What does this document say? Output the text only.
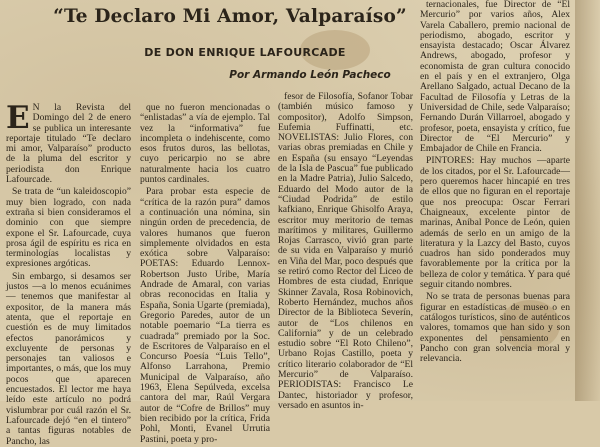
“Te Declaro Mi Amor, Valparaíso”
DE DON ENRIQUE LAFOURCADE
Por Armando León Pacheco

E N la Revista del Domingo del 2 de enero se publica un interesante reportaje titulado “Te declaro mi amor, Valparaíso” producto de la pluma del escritor y periodista don Enrique Lafourcade.

Se trata de “un kaleidoscopio” muy bien logrado, con nada extraña si bien consideramos el dominio con que siempre expone el Sr. Lafourcade, cuya prosa ágil de espíritu es rica en terminologías localistas y expresiones argóticas.

Sin embargo, si desamos ser justos —a lo menos ecuánimes— tenemos que manifestar al expositor, de la manera más atenta, que el reportaje en cuestión es de muy limitados efectos panorámicos y excluyente de personas y personajes tan valiosos e importantes, o más, que los muy pocos que aparecen encuestados. El lector me haya leído este artículo no podrá vislumbrar por cuál razón el Sr. Lafourcade dejó “en el tintero” a tantas figuras notables de Pancho, las

que no fueron mencionadas o “enlistadas” a vía de ejemplo. Tal vez la “informativa” fue incompleta o indehiscente, como esos frutos duros, las bellotas, cuyo pericarpio no se abre naturalmente hacia los cuatro puntos cardinales.

Para probar esta especie de “crítica de la razón pura” damos a continuación una nómina, sin ningún orden de precedencia, de valores humanos que fueron simplemente olvidados en esta exótica sobre Valparaíso: POETAS: Eduardo Lennox-Robertson Justo Uribe, María Andrade de Amaral, con varias obras reconocidas en Italia y España, Sonia Ugarte (premiada), Gregorio Paredes, autor de un notable poemario “La tierra es cuadrada” premiado por la Soc. de Escritores de Valparaíso en el Concurso Poesía “Luis Tello”, Alfonso Larrahona, Premio Municipal de Valparaíso, año 1963, Elena Sepúlveda, excelsa cantora del mar, Raúl Vergara autor de “Cofre de Brillos” muy bien recibido por la crítica, Frida Pohl, Monti, Evanel Urrutia Pastini, poeta y pro-

fesor de Filosofía, Sofanor Tobar (también músico famoso y compositor), Adolfo Simpson, Eufemia Fuffinatti, etc. NOVELISTAS: Julio Flores, con varias obras premiadas en Chile y en España (su ensayo “Leyendas de la Isla de Pascua” fue publicado en la Madre Patria), Julio Salcedo, Eduardo del Modo autor de la “Ciudad Podrida” de estilo kafkiano, Enrique Ghisolfo Araya, escritor muy meritorio de temas marítimos y militares, Guillermo Rojas Carrasco, vivió gran parte de su vida en Valparaíso y murió en Viña del Mar, poco después que se retiró como Rector del Liceo de Hombres de esta ciudad, Enrique Skinner Zavala, Rosa Robinovich, Roberto Hernández, muchos años Director de la Biblioteca Severín, autor de “Los chilenos en California” y de un celebrado estudio sobre “El Roto Chileno”, Urbano Rojas Castillo, poeta y crítico literario colaborador de “El Mercurio” de Valparaíso. PERIODISTAS: Francisco Le Dantec, historiador y profesor, versado en asuntos in-

ternacionales, fue Director de “El Mercurio” por varios años, Alex Varela Caballero, premio nacional de periodismo, abogado, escritor y ensayista destacado; Oscar Álvarez Andrews, abogado, profesor y economista de gran cultura conocido en el país y en el extranjero, Olga Arellano Salgado, actual Decano de la Facultad de Filosofía y Letras de la Universidad de Chile, sede Valparaíso; Fernando Durán Villarroel, abogado y profesor, poeta, ensayista y crítico, fue Director de “El Mercurio” y Embajador de Chile en Francia.

PINTORES: Hay muchos —aparte de los citados, por el Sr. Lafourcade— pero queremos hacer hincapié en tres de ellos que no figuran en el reportaje que nos preocupa: Oscar Ferrari Chaigneaux, excelente pintor de marinas, Aníbal Ponce de León, quien además de serlo en un amigo de la literatura y la Lazcy del Basto, cuyos cuadros han sido ponderados muy favorablemente por la crítica por la belleza de color y temática. Y para qué seguir citando nombres.

No se trata de personas buenas para figurar en estadísticas de museo o en catálogos turísticos, sino de auténticos valores, tomamos que han sido y son exponentes del pensamiento en Pancho con gran solvencia moral y relevancia.
